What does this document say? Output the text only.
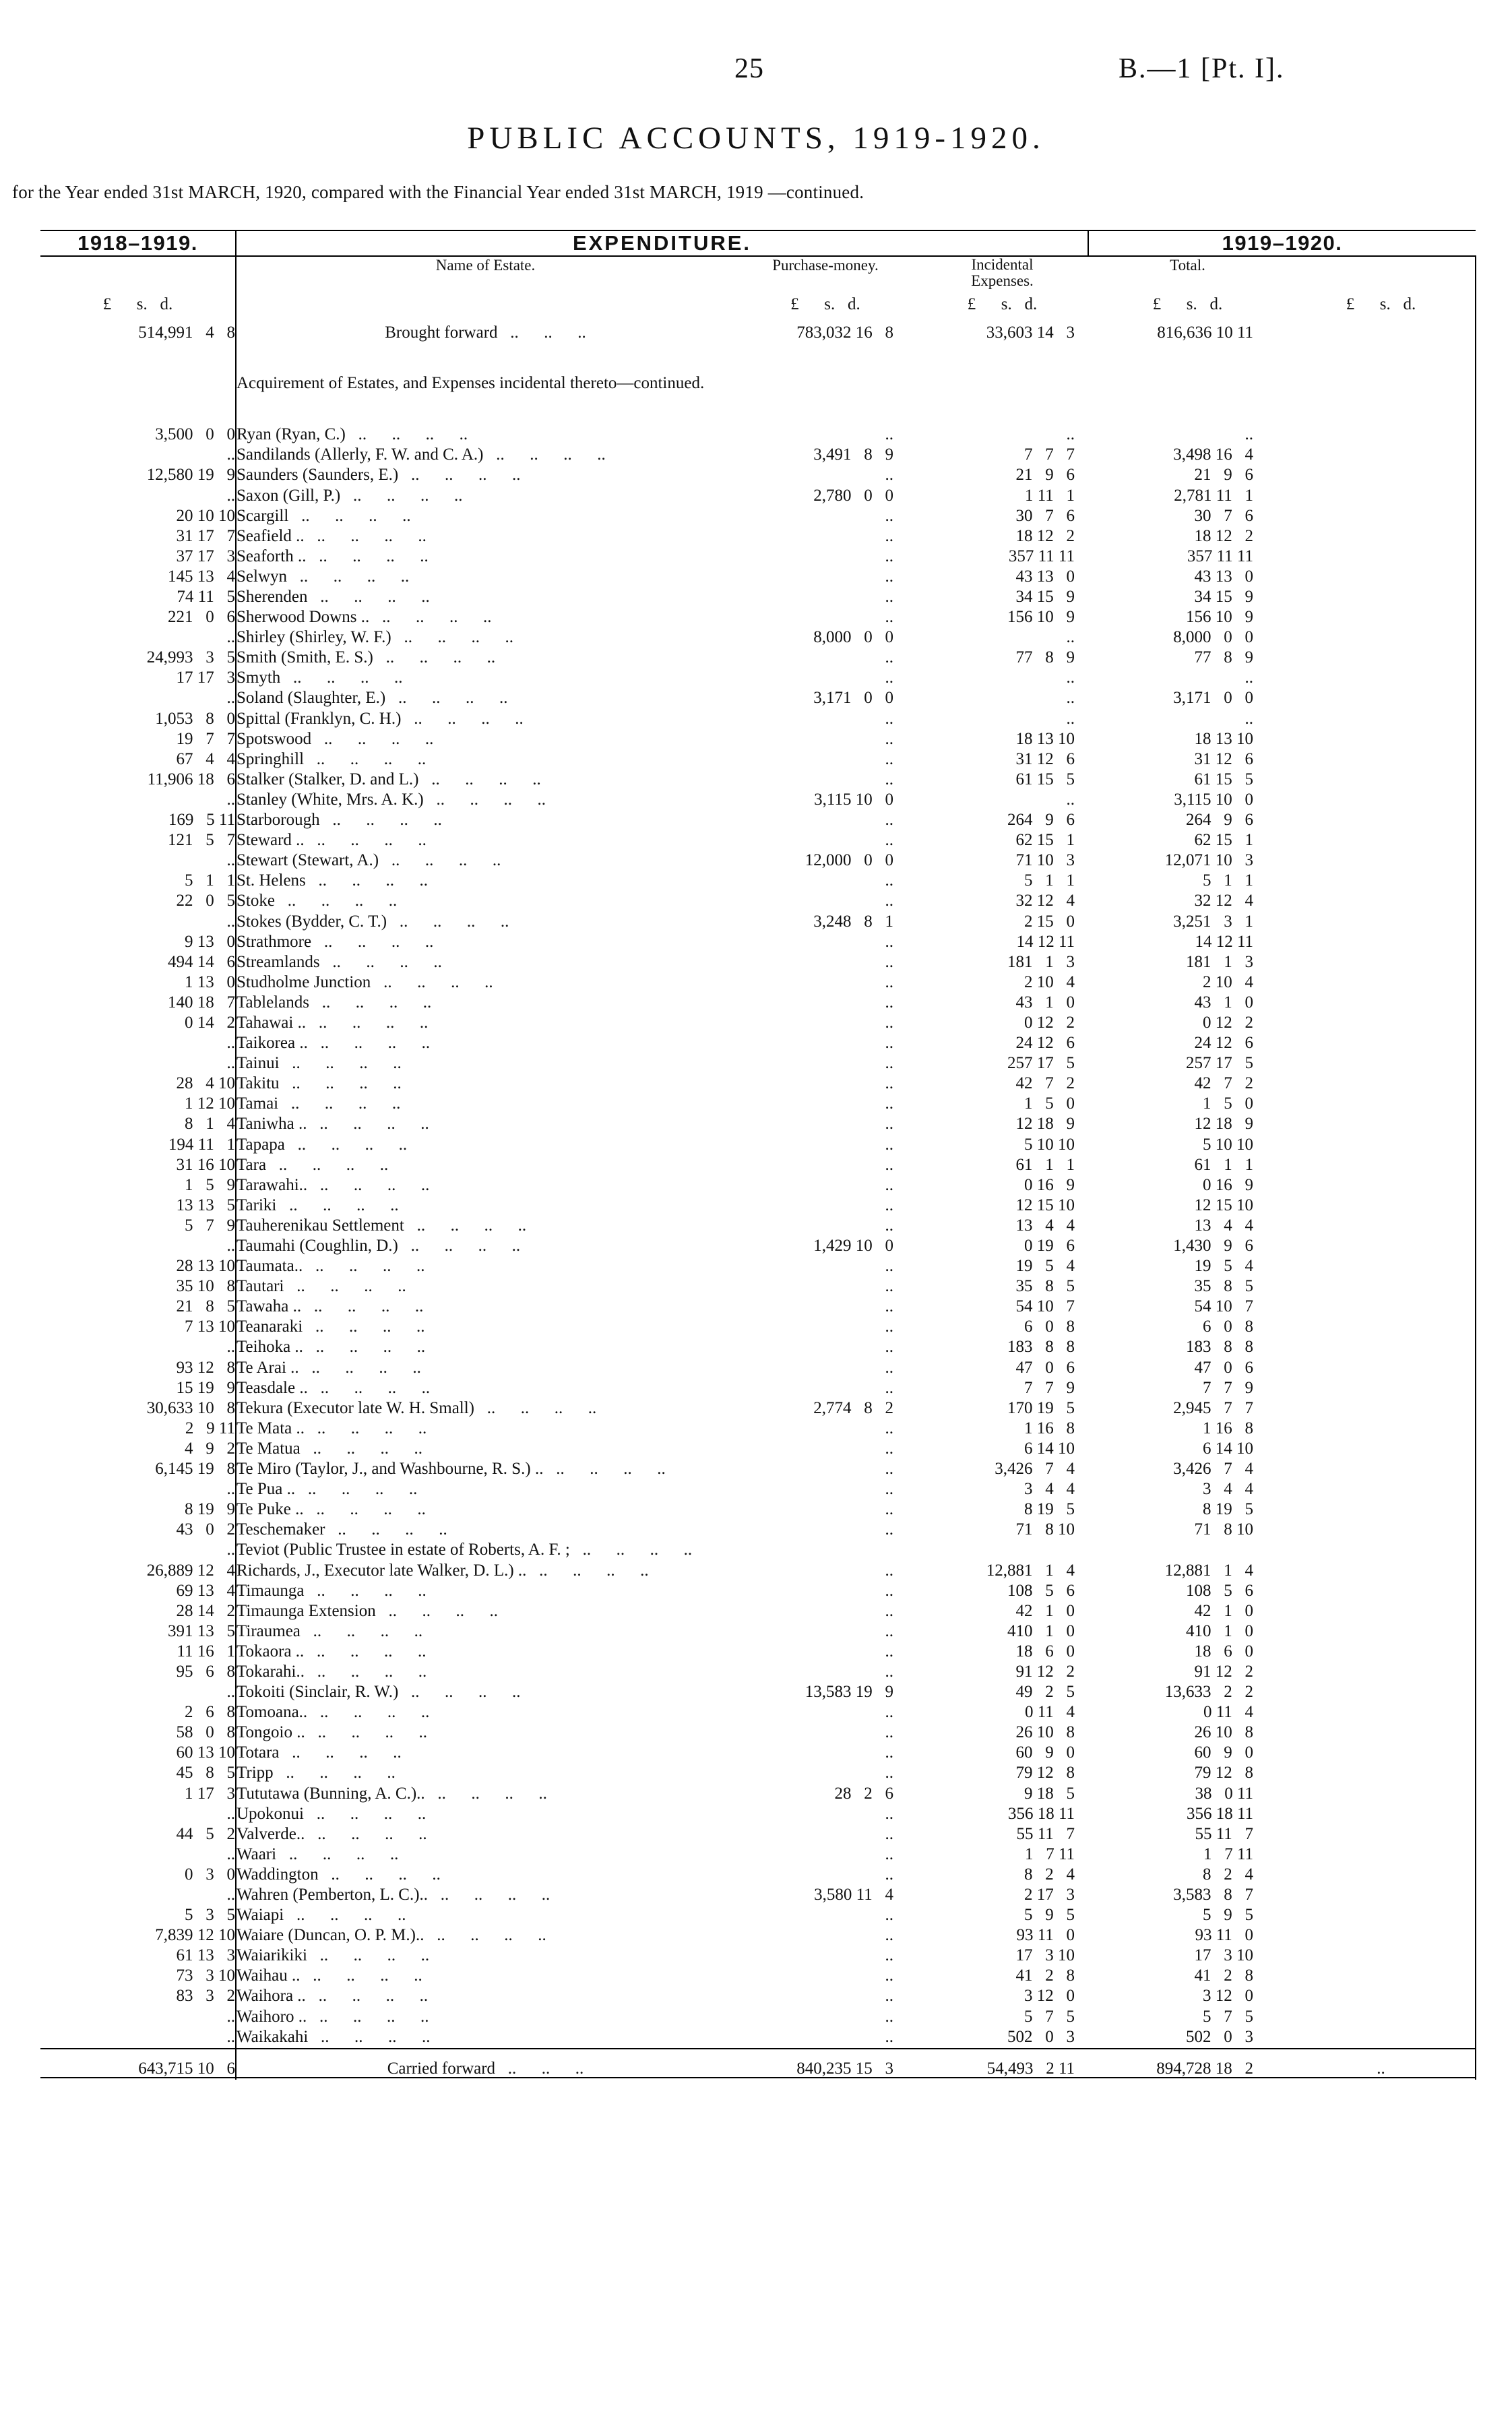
25	B.—1 [Pt. I].
PUBLIC ACCOUNTS, 1919-1920.
for the Year ended 31st MARCH, 1920, compared with the Financial Year ended 31st MARCH, 1919 —continued.
1918–1919.	EXPENDITURE.			1919–1920.	
	Name of Estate.	Purchase-money.	Incidental
Expenses.	Total.	
£      s.   d.		£      s.   d.	£      s.   d.	£      s.   d.	£      s.   d.
514,991   4   8	Brought forward   ..      ..      ..	783,032 16   8	33,603 14   3	816,636 10 11	

	Acquirement of Estates, and Expenses incidental thereto—continued.				

3,500   0   0	Ryan (Ryan, C.)   ..      ..      ..      ..	..	..	..	
..	Sandilands (Allerly, F. W. and C. A.)   ..      ..      ..      ..	3,491   8   9	7   7   7	3,498 16   4	
12,580 19   9	Saunders (Saunders, E.)   ..      ..      ..      ..	..	21   9   6	21   9   6	
..	Saxon (Gill, P.)   ..      ..      ..      ..	2,780   0   0	1 11   1	2,781 11   1	
20 10 10	Scargill   ..      ..      ..      ..	..	30   7   6	30   7   6	
31 17   7	Seafield ..   ..      ..      ..      ..	..	18 12   2	18 12   2	
37 17   3	Seaforth ..   ..      ..      ..      ..	..	357 11 11	357 11 11	
145 13   4	Selwyn   ..      ..      ..      ..	..	43 13   0	43 13   0	
74 11   5	Sherenden   ..      ..      ..      ..	..	34 15   9	34 15   9	
221   0   6	Sherwood Downs ..   ..      ..      ..      ..	..	156 10   9	156 10   9	
..	Shirley (Shirley, W. F.)   ..      ..      ..      ..	8,000   0   0	..	8,000   0   0	
24,993   3   5	Smith (Smith, E. S.)   ..      ..      ..      ..	..	77   8   9	77   8   9	
17 17   3	Smyth   ..      ..      ..      ..	..	..	..	
..	Soland (Slaughter, E.)   ..      ..      ..      ..	3,171   0   0	..	3,171   0   0	
1,053   8   0	Spittal (Franklyn, C. H.)   ..      ..      ..      ..	..	..	..	
19   7   7	Spotswood   ..      ..      ..      ..	..	18 13 10	18 13 10	
67   4   4	Springhill   ..      ..      ..      ..	..	31 12   6	31 12   6	
11,906 18   6	Stalker (Stalker, D. and L.)   ..      ..      ..      ..	..	61 15   5	61 15   5	
..	Stanley (White, Mrs. A. K.)   ..      ..      ..      ..	3,115 10   0	..	3,115 10   0	
169   5 11	Starborough   ..      ..      ..      ..	..	264   9   6	264   9   6	
121   5   7	Steward ..   ..      ..      ..      ..	..	62 15   1	62 15   1	
..	Stewart (Stewart, A.)   ..      ..      ..      ..	12,000   0   0	71 10   3	12,071 10   3	
5   1   1	St. Helens   ..      ..      ..      ..	..	5   1   1	5   1   1	
22   0   5	Stoke   ..      ..      ..      ..	..	32 12   4	32 12   4	
..	Stokes (Bydder, C. T.)   ..      ..      ..      ..	3,248   8   1	2 15   0	3,251   3   1	
9 13   0	Strathmore   ..      ..      ..      ..	..	14 12 11	14 12 11	
494 14   6	Streamlands   ..      ..      ..      ..	..	181   1   3	181   1   3	
1 13   0	Studholme Junction   ..      ..      ..      ..	..	2 10   4	2 10   4	
140 18   7	Tablelands   ..      ..      ..      ..	..	43   1   0	43   1   0	
0 14   2	Tahawai ..   ..      ..      ..      ..	..	0 12   2	0 12   2	
..	Taikorea ..   ..      ..      ..      ..	..	24 12   6	24 12   6	
..	Tainui   ..      ..      ..      ..	..	257 17   5	257 17   5	
28   4 10	Takitu   ..      ..      ..      ..	..	42   7   2	42   7   2	
1 12 10	Tamai   ..      ..      ..      ..	..	1   5   0	1   5   0	
8   1   4	Taniwha ..   ..      ..      ..      ..	..	12 18   9	12 18   9	
194 11   1	Tapapa   ..      ..      ..      ..	..	5 10 10	5 10 10	
31 16 10	Tara   ..      ..      ..      ..	..	61   1   1	61   1   1	
1   5   9	Tarawahi..   ..      ..      ..      ..	..	0 16   9	0 16   9	
13 13   5	Tariki   ..      ..      ..      ..	..	12 15 10	12 15 10	
5   7   9	Tauherenikau Settlement   ..      ..      ..      ..	..	13   4   4	13   4   4	
..	Taumahi (Coughlin, D.)   ..      ..      ..      ..	1,429 10   0	0 19   6	1,430   9   6	
28 13 10	Taumata..   ..      ..      ..      ..	..	19   5   4	19   5   4	
35 10   8	Tautari   ..      ..      ..      ..	..	35   8   5	35   8   5	
21   8   5	Tawaha ..   ..      ..      ..      ..	..	54 10   7	54 10   7	
7 13 10	Teanaraki   ..      ..      ..      ..	..	6   0   8	6   0   8	
..	Teihoka ..   ..      ..      ..      ..	..	183   8   8	183   8   8	
93 12   8	Te Arai ..   ..      ..      ..      ..	..	47   0   6	47   0   6	
15 19   9	Teasdale ..   ..      ..      ..      ..	..	7   7   9	7   7   9	
30,633 10   8	Tekura (Executor late W. H. Small)   ..      ..      ..      ..	2,774   8   2	170 19   5	2,945   7   7	
2   9 11	Te Mata ..   ..      ..      ..      ..	..	1 16   8	1 16   8	
4   9   2	Te Matua   ..      ..      ..      ..	..	6 14 10	6 14 10	
6,145 19   8	Te Miro (Taylor, J., and Washbourne, R. S.) ..   ..      ..      ..      ..	..	3,426   7   4	3,426   7   4	
..	Te Pua ..   ..      ..      ..      ..	..	3   4   4	3   4   4	
8 19   9	Te Puke ..   ..      ..      ..      ..	..	8 19   5	8 19   5	
43   0   2	Teschemaker   ..      ..      ..      ..	..	71   8 10	71   8 10	
..	Teviot (Public Trustee in estate of Roberts, A. F. ;   ..      ..      ..      ..				
26,889 12   4	Richards, J., Executor late Walker, D. L.) ..   ..      ..      ..      ..	..	12,881   1   4	12,881   1   4	
69 13   4	Timaunga   ..      ..      ..      ..	..	108   5   6	108   5   6	
28 14   2	Timaunga Extension   ..      ..      ..      ..	..	42   1   0	42   1   0	
391 13   5	Tiraumea   ..      ..      ..      ..	..	410   1   0	410   1   0	
11 16   1	Tokaora ..   ..      ..      ..      ..	..	18   6   0	18   6   0	
95   6   8	Tokarahi..   ..      ..      ..      ..	..	91 12   2	91 12   2	
..	Tokoiti (Sinclair, R. W.)   ..      ..      ..      ..	13,583 19   9	49   2   5	13,633   2   2	
2   6   8	Tomoana..   ..      ..      ..      ..	..	0 11   4	0 11   4	
58   0   8	Tongoio ..   ..      ..      ..      ..	..	26 10   8	26 10   8	
60 13 10	Totara   ..      ..      ..      ..	..	60   9   0	60   9   0	
45   8   5	Tripp   ..      ..      ..      ..	..	79 12   8	79 12   8	
1 17   3	Tututawa (Bunning, A. C.)..   ..      ..      ..      ..	28   2   6	9 18   5	38   0 11	
..	Upokonui   ..      ..      ..      ..	..	356 18 11	356 18 11	
44   5   2	Valverde..   ..      ..      ..      ..	..	55 11   7	55 11   7	
..	Waari   ..      ..      ..      ..	..	1   7 11	1   7 11	
0   3   0	Waddington   ..      ..      ..      ..	..	8   2   4	8   2   4	
..	Wahren (Pemberton, L. C.)..   ..      ..      ..      ..	3,580 11   4	2 17   3	3,583   8   7	
5   3   5	Waiapi   ..      ..      ..      ..	..	5   9   5	5   9   5	
7,839 12 10	Waiare (Duncan, O. P. M.)..   ..      ..      ..      ..	..	93 11   0	93 11   0	
61 13   3	Waiarikiki   ..      ..      ..      ..	..	17   3 10	17   3 10	
73   3 10	Waihau ..   ..      ..      ..      ..	..	41   2   8	41   2   8	
83   3   2	Waihora ..   ..      ..      ..      ..	..	3 12   0	3 12   0	
..	Waihoro ..   ..      ..      ..      ..	..	5   7   5	5   7   5	
..	Waikakahi   ..      ..      ..      ..	..	502   0   3	502   0   3	
643,715 10   6	Carried forward   ..      ..      ..	840,235 15   3	54,493   2 11	894,728 18   2	..
